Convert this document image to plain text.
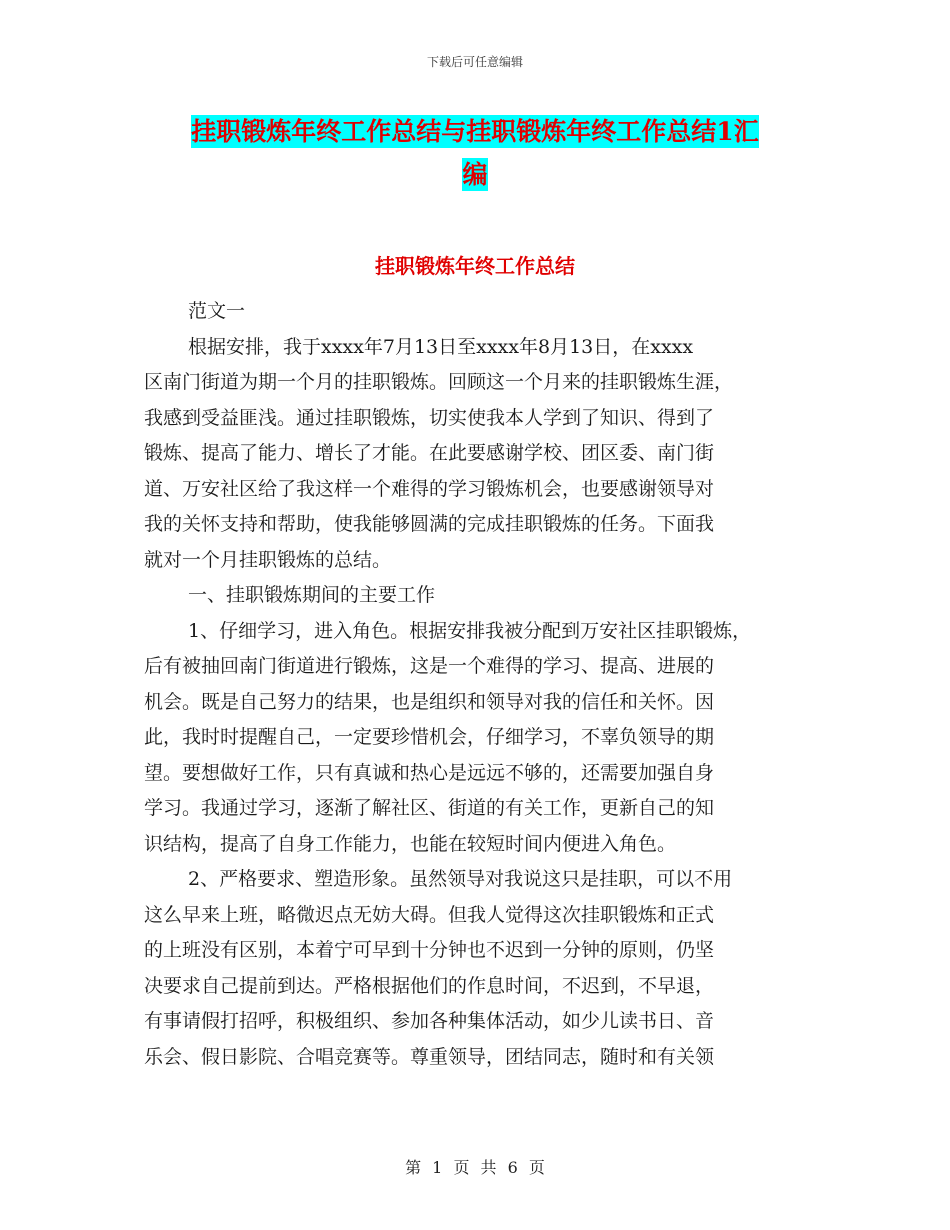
下载后可任意编辑
挂职锻炼年终工作总结与挂职锻炼年终工作总结1汇
编
挂职锻炼年终工作总结
范文一
根据安排，我于xxxx年7月13日至xxxx年8月13日，在xxxx
区南门街道为期一个月的挂职锻炼。回顾这一个月来的挂职锻炼生涯，
我感到受益匪浅。通过挂职锻炼，切实使我本人学到了知识、得到了
锻炼、提高了能力、增长了才能。在此要感谢学校、团区委、南门街
道、万安社区给了我这样一个难得的学习锻炼机会，也要感谢领导对
我的关怀支持和帮助，使我能够圆满的完成挂职锻炼的任务。下面我
就对一个月挂职锻炼的总结。
一、挂职锻炼期间的主要工作
1、仔细学习，进入角色。根据安排我被分配到万安社区挂职锻炼，
后有被抽回南门街道进行锻炼，这是一个难得的学习、提高、进展的
机会。既是自己努力的结果，也是组织和领导对我的信任和关怀。因
此，我时时提醒自己，一定要珍惜机会，仔细学习，不辜负领导的期
望。要想做好工作，只有真诚和热心是远远不够的，还需要加强自身
学习。我通过学习，逐渐了解社区、街道的有关工作，更新自己的知
识结构，提高了自身工作能力，也能在较短时间内便进入角色。
2、严格要求、塑造形象。虽然领导对我说这只是挂职，可以不用
这么早来上班，略微迟点无妨大碍。但我人觉得这次挂职锻炼和正式
的上班没有区别，本着宁可早到十分钟也不迟到一分钟的原则，仍坚
决要求自己提前到达。严格根据他们的作息时间，不迟到，不早退，
有事请假打招呼，积极组织、参加各种集体活动，如少儿读书日、音
乐会、假日影院、合唱竞赛等。尊重领导，团结同志，随时和有关领
第 1 页 共 6 页
